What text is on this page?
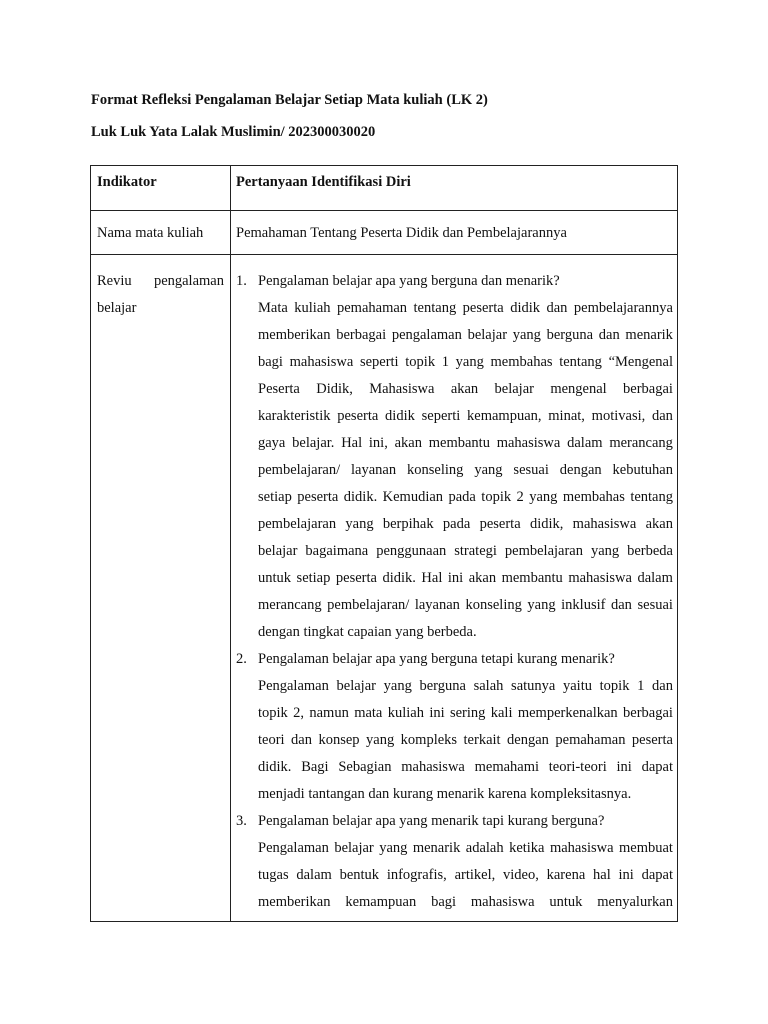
Format Refleksi Pengalaman Belajar Setiap Mata kuliah (LK 2)
Luk Luk Yata Lalak Muslimin/ 202300030020
Indikator	Pertanyaan Identifikasi Diri
Nama mata kuliah Pemahaman Tentang Peserta Didik dan Pembelajarannya
Reviu pengalaman
belajar
1. Pengalaman belajar apa yang berguna dan menarik?
Mata kuliah pemahaman tentang peserta didik dan pembelajarannya
memberikan berbagai pengalaman belajar yang berguna dan menarik
bagi mahasiswa seperti topik 1 yang membahas tentang “Mengenal
Peserta Didik, Mahasiswa akan belajar mengenal berbagai
karakteristik peserta didik seperti kemampuan, minat, motivasi, dan
gaya belajar. Hal ini, akan membantu mahasiswa dalam merancang
pembelajaran/ layanan konseling yang sesuai dengan kebutuhan
setiap peserta didik. Kemudian pada topik 2 yang membahas tentang
pembelajaran yang berpihak pada peserta didik, mahasiswa akan
belajar bagaimana penggunaan strategi pembelajaran yang berbeda
untuk setiap peserta didik. Hal ini akan membantu mahasiswa dalam
merancang pembelajaran/ layanan konseling yang inklusif dan sesuai
dengan tingkat capaian yang berbeda.
2. Pengalaman belajar apa yang berguna tetapi kurang menarik?
Pengalaman belajar yang berguna salah satunya yaitu topik 1 dan
topik 2, namun mata kuliah ini sering kali memperkenalkan berbagai
teori dan konsep yang kompleks terkait dengan pemahaman peserta
didik. Bagi Sebagian mahasiswa memahami teori-teori ini dapat
menjadi tantangan dan kurang menarik karena kompleksitasnya.
3. Pengalaman belajar apa yang menarik tapi kurang berguna?
Pengalaman belajar yang menarik adalah ketika mahasiswa membuat
tugas dalam bentuk infografis, artikel, video, karena hal ini dapat
memberikan kemampuan bagi mahasiswa untuk menyalurkan
